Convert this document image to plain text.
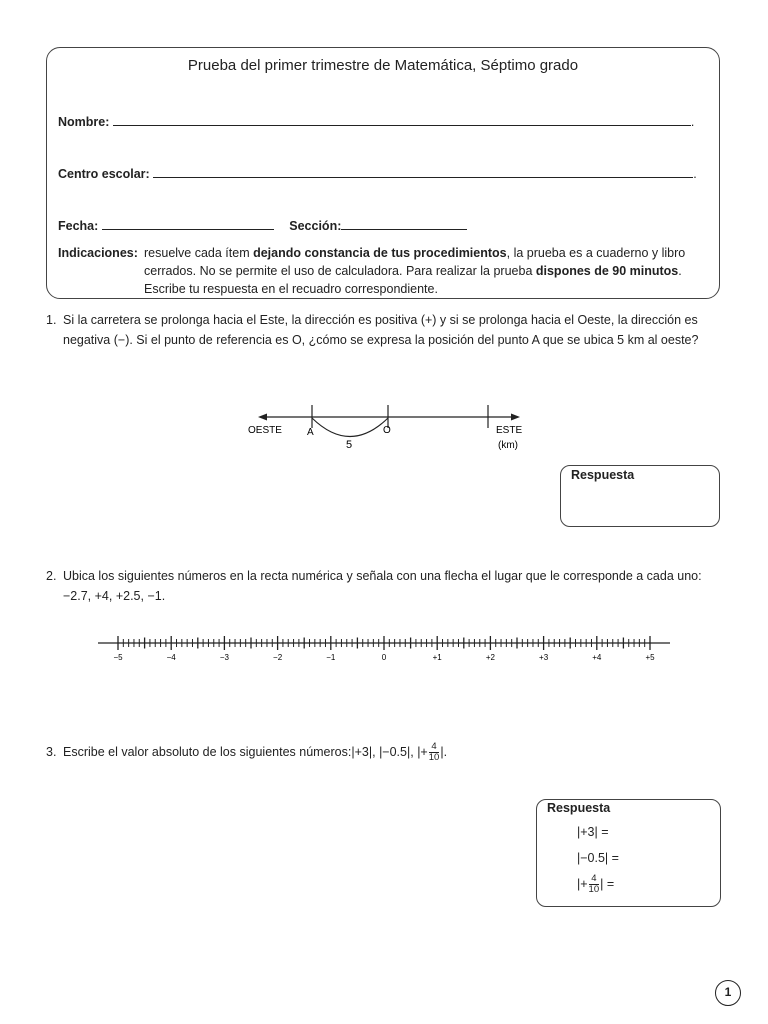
Prueba del primer trimestre de Matemática, Séptimo grado
Nombre:	.
Centro escolar:	.
Fecha:	Sección:
Indicaciones: resuelve cada ítem dejando constancia de tus procedimientos, la prueba es a cuaderno y libro cerrados. No se permite el uso de calculadora. Para realizar la prueba dispones de 90 minutos. Escribe tu respuesta en el recuadro correspondiente.
1. Si la carretera se prolonga hacia el Este, la dirección es positiva (+) y si se prolonga hacia el Oeste, la dirección es negativa (−). Si el punto de referencia es O, ¿cómo se expresa la posición del punto A que se ubica 5 km al oeste?
OESTE	A	O
5
ESTE
(km)
Respuesta
2. Ubica los siguientes números en la recta numérica y señala con una flecha el lugar que le corresponde a cada uno: −2.7, +4, +2.5, −1.
−5	−4	−3	−2	−1	0	+1	+2	+3	+4	+5
3. Escribe el valor absoluto de los siguientes números:|+3|, |−0.5|, |+ $\frac{4}{10}$ |.
Respuesta
|+3| =
|−0.5| =
|+ $\frac{4}{10}$ | =
1
